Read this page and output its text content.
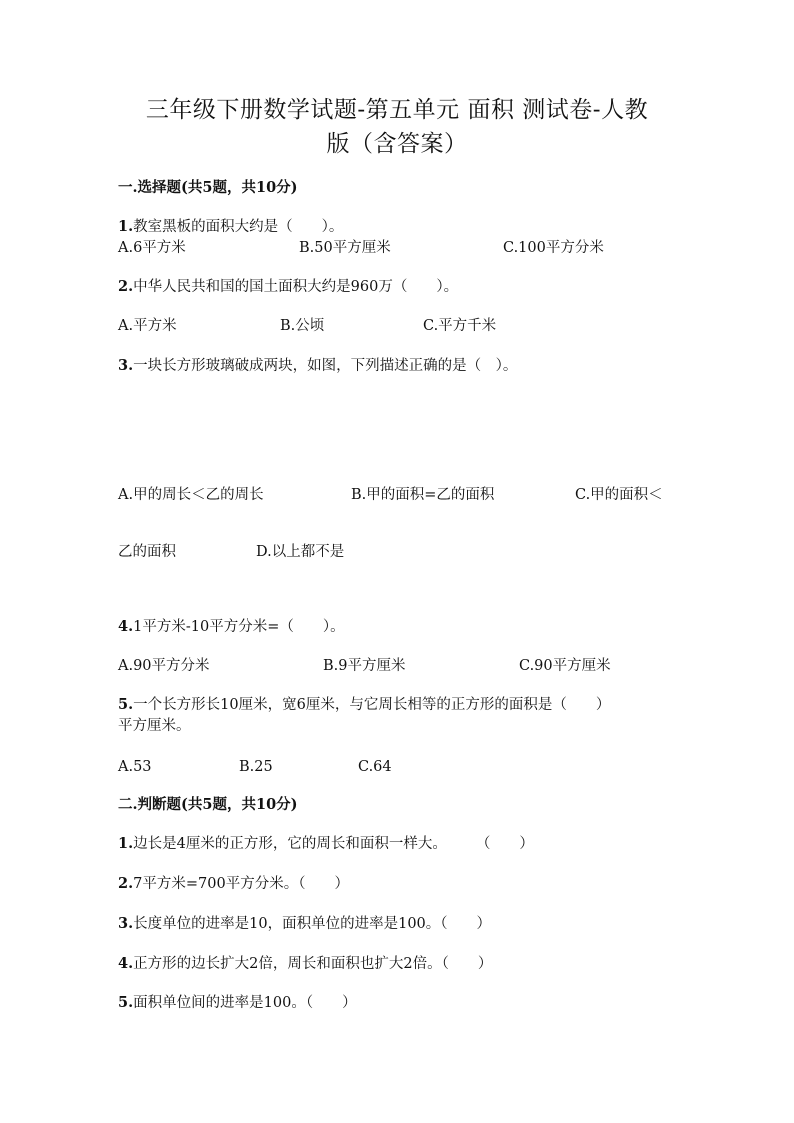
三年级下册数学试题-第五单元 面积 测试卷-人教
版（含答案）
一.选择题(共5题，共10分)
1.教室黑板的面积大约是（　　）。
A.6平方米	B.50平方厘米	C.100平方分米
2.中华人民共和国的国土面积大约是960万（　　）。
A.平方米	B.公顷	C.平方千米
3.一块长方形玻璃破成两块，如图，下列描述正确的是（　）。
A.甲的周长＜乙的周长	B.甲的面积=乙的面积	C.甲的面积＜
乙的面积	D.以上都不是
4.1平方米-10平方分米=（　　）。
A.90平方分米	B.9平方厘米	C.90平方厘米
5.一个长方形长10厘米，宽6厘米，与它周长相等的正方形的面积是（　　）
平方厘米。
A.53	B.25	C.64
二.判断题(共5题，共10分)
1.边长是4厘米的正方形，它的周长和面积一样大。　　　（　　）
2.7平方米=700平方分米。（　　）
3.长度单位的进率是10，面积单位的进率是100。（　　）
4.正方形的边长扩大2倍，周长和面积也扩大2倍。（　　）
5.面积单位间的进率是100。（　　）
